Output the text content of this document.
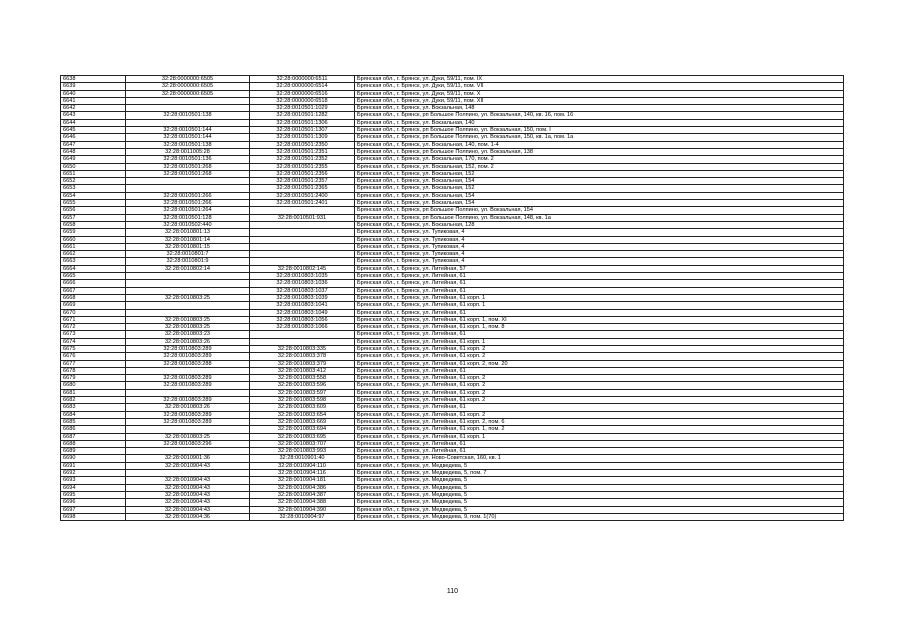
6638	32:28:0000000:6505	32:28:0000000:6511	Брянская обл., г. Брянск, ул. Дуки, 59/11, пом. IX
6639	32:28:0000000:6505	32:28:0000000:6514	Брянская обл., г. Брянск, ул. Дуки, 59/11, пом. VII
6640	32:28:0000000:6505	32:28:0000000:6516	Брянская обл., г. Брянск, ул. Дуки, 59/11, пом. X
6641		32:28:0000000:6518	Брянская обл., г. Брянск, ул. Дуки, 59/11, пом. XII
6642		32:28:0010501:1029	Брянская обл., г. Брянск, ул. Вокзальная, 148
6643	32:28:0010501:138	32:28:0010501:1282	Брянская обл., г. Брянск, рп Большое Полпино, ул. Вокзальная, 140, кв. 16, пом. 16
6644		32:28:0010501:1306	Брянская обл., г. Брянск, ул. Вокзальная, 140
6645	32:28:0010501:144	32:28:0010501:1307	Брянская обл., г. Брянск, рп Большое Полпино, ул. Вокзальная, 150, пом. I
6646	32:28:0010501:144	32:28:0010501:1309	Брянская обл., г. Брянск, рп Большое Полпино, ул. Вокзальная, 150, кв. 1а, пом. 1а
6647	32:28:0010501:138	32:28:0010501:2350	Брянская обл., г. Брянск, ул. Вокзальная, 140, пом. 1-4
6648	32:28:0011005:28	32:28:0010501:2351	Брянская обл., г. Брянск, рп Большое Полпино, ул. Вокзальная, 138
6649	32:28:0010501:136	32:28:0010501:2352	Брянская обл., г. Брянск, ул. Вокзальная, 170, пом. 2
6650	32:28:0010501:268	32:28:0010501:2355	Брянская обл., г. Брянск, ул. Вокзальная, 152, пом. 2
6651	32:28:0010501:268	32:28:0010501:2356	Брянская обл., г. Брянск, ул. Вокзальная, 152
6652		32:28:0010501:2357	Брянская обл., г. Брянск, ул. Вокзальная, 154
6653		32:28:0010501:2365	Брянская обл., г. Брянск, ул. Вокзальная, 152
6654	32:28:0010501:266	32:28:0010501:2400	Брянская обл., г. Брянск, ул. Вокзальная, 154
6655	32:28:0010501:266	32:28:0010501:2401	Брянская обл., г. Брянск, ул. Вокзальная, 154
6656	32:28:0010501:264		Брянская обл., г. Брянск, рп Большое Полпино, ул. Вокзальная, 154
6657	32:28:0010501:128	32:28:0010501:931	Брянская обл., г. Брянск, рп Большое Полпино, ул. Вокзальная, 148, кв. 1а
6658	32:28:0010502:440		Брянская обл., г. Брянск, ул. Вокзальная, 128
6659	32:28:0010801:13		Брянская обл., г. Брянск, ул. Тупиковая, 4
6660	32:28:0010801:14		Брянская обл., г. Брянск, ул. Тупиковая, 4
6661	32:28:0010801:15		Брянская обл., г. Брянск, ул. Тупиковая, 4
6662	32:28:0010801:7		Брянская обл., г. Брянск, ул. Тупиковая, 4
6663	32:28:0010801:9		Брянская обл., г. Брянск, ул. Тупиковая, 4
6664	32:28:0010802:14	32:28:0010802:145	Брянская обл., г. Брянск, ул. Литейная, 57
6665		32:28:0010803:1035	Брянская обл., г. Брянск, ул. Литейная, 61
6666		32:28:0010803:1036	Брянская обл., г. Брянск, ул. Литейная, 61
6667		32:28:0010803:1037	Брянская обл., г. Брянск, ул. Литейная, 61
6668	32:28:0010803:25	32:28:0010803:1039	Брянская обл., г. Брянск, ул. Литейная, 61 корп. 1
6669		32:28:0010803:1041	Брянская обл., г. Брянск, ул. Литейная, 61 корп. 1
6670		32:28:0010803:1049	Брянская обл., г. Брянск, ул. Литейная, 61
6671	32:28:0010803:25	32:28:0010803:1056	Брянская обл., г. Брянск, ул. Литейная, 61 корп. 1, пом. XI
6672	32:28:0010803:25	32:28:0010803:1066	Брянская обл., г. Брянск, ул. Литейная, 61 корп. 1, пом. 8
6673	32:28:0010803:23		Брянская обл., г. Брянск, ул. Литейная, 61
6674	32:28:0010803:26		Брянская обл., г. Брянск, ул. Литейная, 61 корп. 1
6675	32:28:0010803:289	32:28:0010803:335	Брянская обл., г. Брянск, ул. Литейная, 61 корп. 2
6676	32:28:0010803:289	32:28:0010803:378	Брянская обл., г. Брянск, ул. Литейная, 61 корп. 2
6677	32:28:0010803:288	32:28:0010803:379	Брянская обл., г. Брянск, ул. Литейная, 61 корп. 2, пом. 20
6678		32:28:0010803:412	Брянская обл., г. Брянск, ул. Литейная, 61
6679	32:28:0010803:289	32:28:0010803:558	Брянская обл., г. Брянск, ул. Литейная, 61 корп. 2
6680	32:28:0010803:289	32:28:0010803:596	Брянская обл., г. Брянск, ул. Литейная, 61 корп. 2
6681		32:28:0010803:597	Брянская обл., г. Брянск, ул. Литейная, 61 корп. 2
6682	32:28:0010803:289	32:28:0010803:598	Брянская обл., г. Брянск, ул. Литейная, 61 корп. 2
6683	32:28:0010803:26	32:28:0010803:609	Брянская обл., г. Брянск, ул. Литейная, 61
6684	32:28:0010803:289	32:28:0010803:654	Брянская обл., г. Брянск, ул. Литейная, 61 корп. 2
6685	32:28:0010803:289	32:28:0010803:669	Брянская обл., г. Брянск, ул. Литейная, 61 корп. 2, пом. 6
6686		32:28:0010803:694	Брянская обл., г. Брянск, ул. Литейная, 61 корп. 1, пом. 2
6687	32:28:0010803:25	32:28:0010803:695	Брянская обл., г. Брянск, ул. Литейная, 61 корп. 1
6688	32:28:0010803:296	32:28:0010803:707	Брянская обл., г. Брянск, ул. Литейная, 61
6689		32:28:0010803:993	Брянская обл., г. Брянск, ул. Литейная, 61
6690	32:28:0010901:36	32:28:0010901:40	Брянская обл., г. Брянск, ул. Ново-Советская, 160, кв. 1
6691	32:28:0010904:43	32:28:0010904:110	Брянская обл., г. Брянск, ул. Медведева, 5
6692		32:28:0010904:116	Брянская обл., г. Брянск, ул. Медведева, 5, пом. 7
6693	32:28:0010904:43	32:28:0010904:181	Брянская обл., г. Брянск, ул. Медведева, 5
6694	32:28:0010904:43	32:28:0010904:386	Брянская обл., г. Брянск, ул. Медведева, 5
6695	32:28:0010904:43	32:28:0010904:387	Брянская обл., г. Брянск, ул. Медведева, 5
6696	32:28:0010904:43	32:28:0010904:388	Брянская обл., г. Брянск, ул. Медведева, 5
6697	32:28:0010904:43	32:28:0010904:390	Брянская обл., г. Брянск, ул. Медведева, 5
6698	32:28:0010904:36	32:28:0010904:97	Брянская обл., г. Брянск, ул. Медведева, 9, пом. 1(70)
110
